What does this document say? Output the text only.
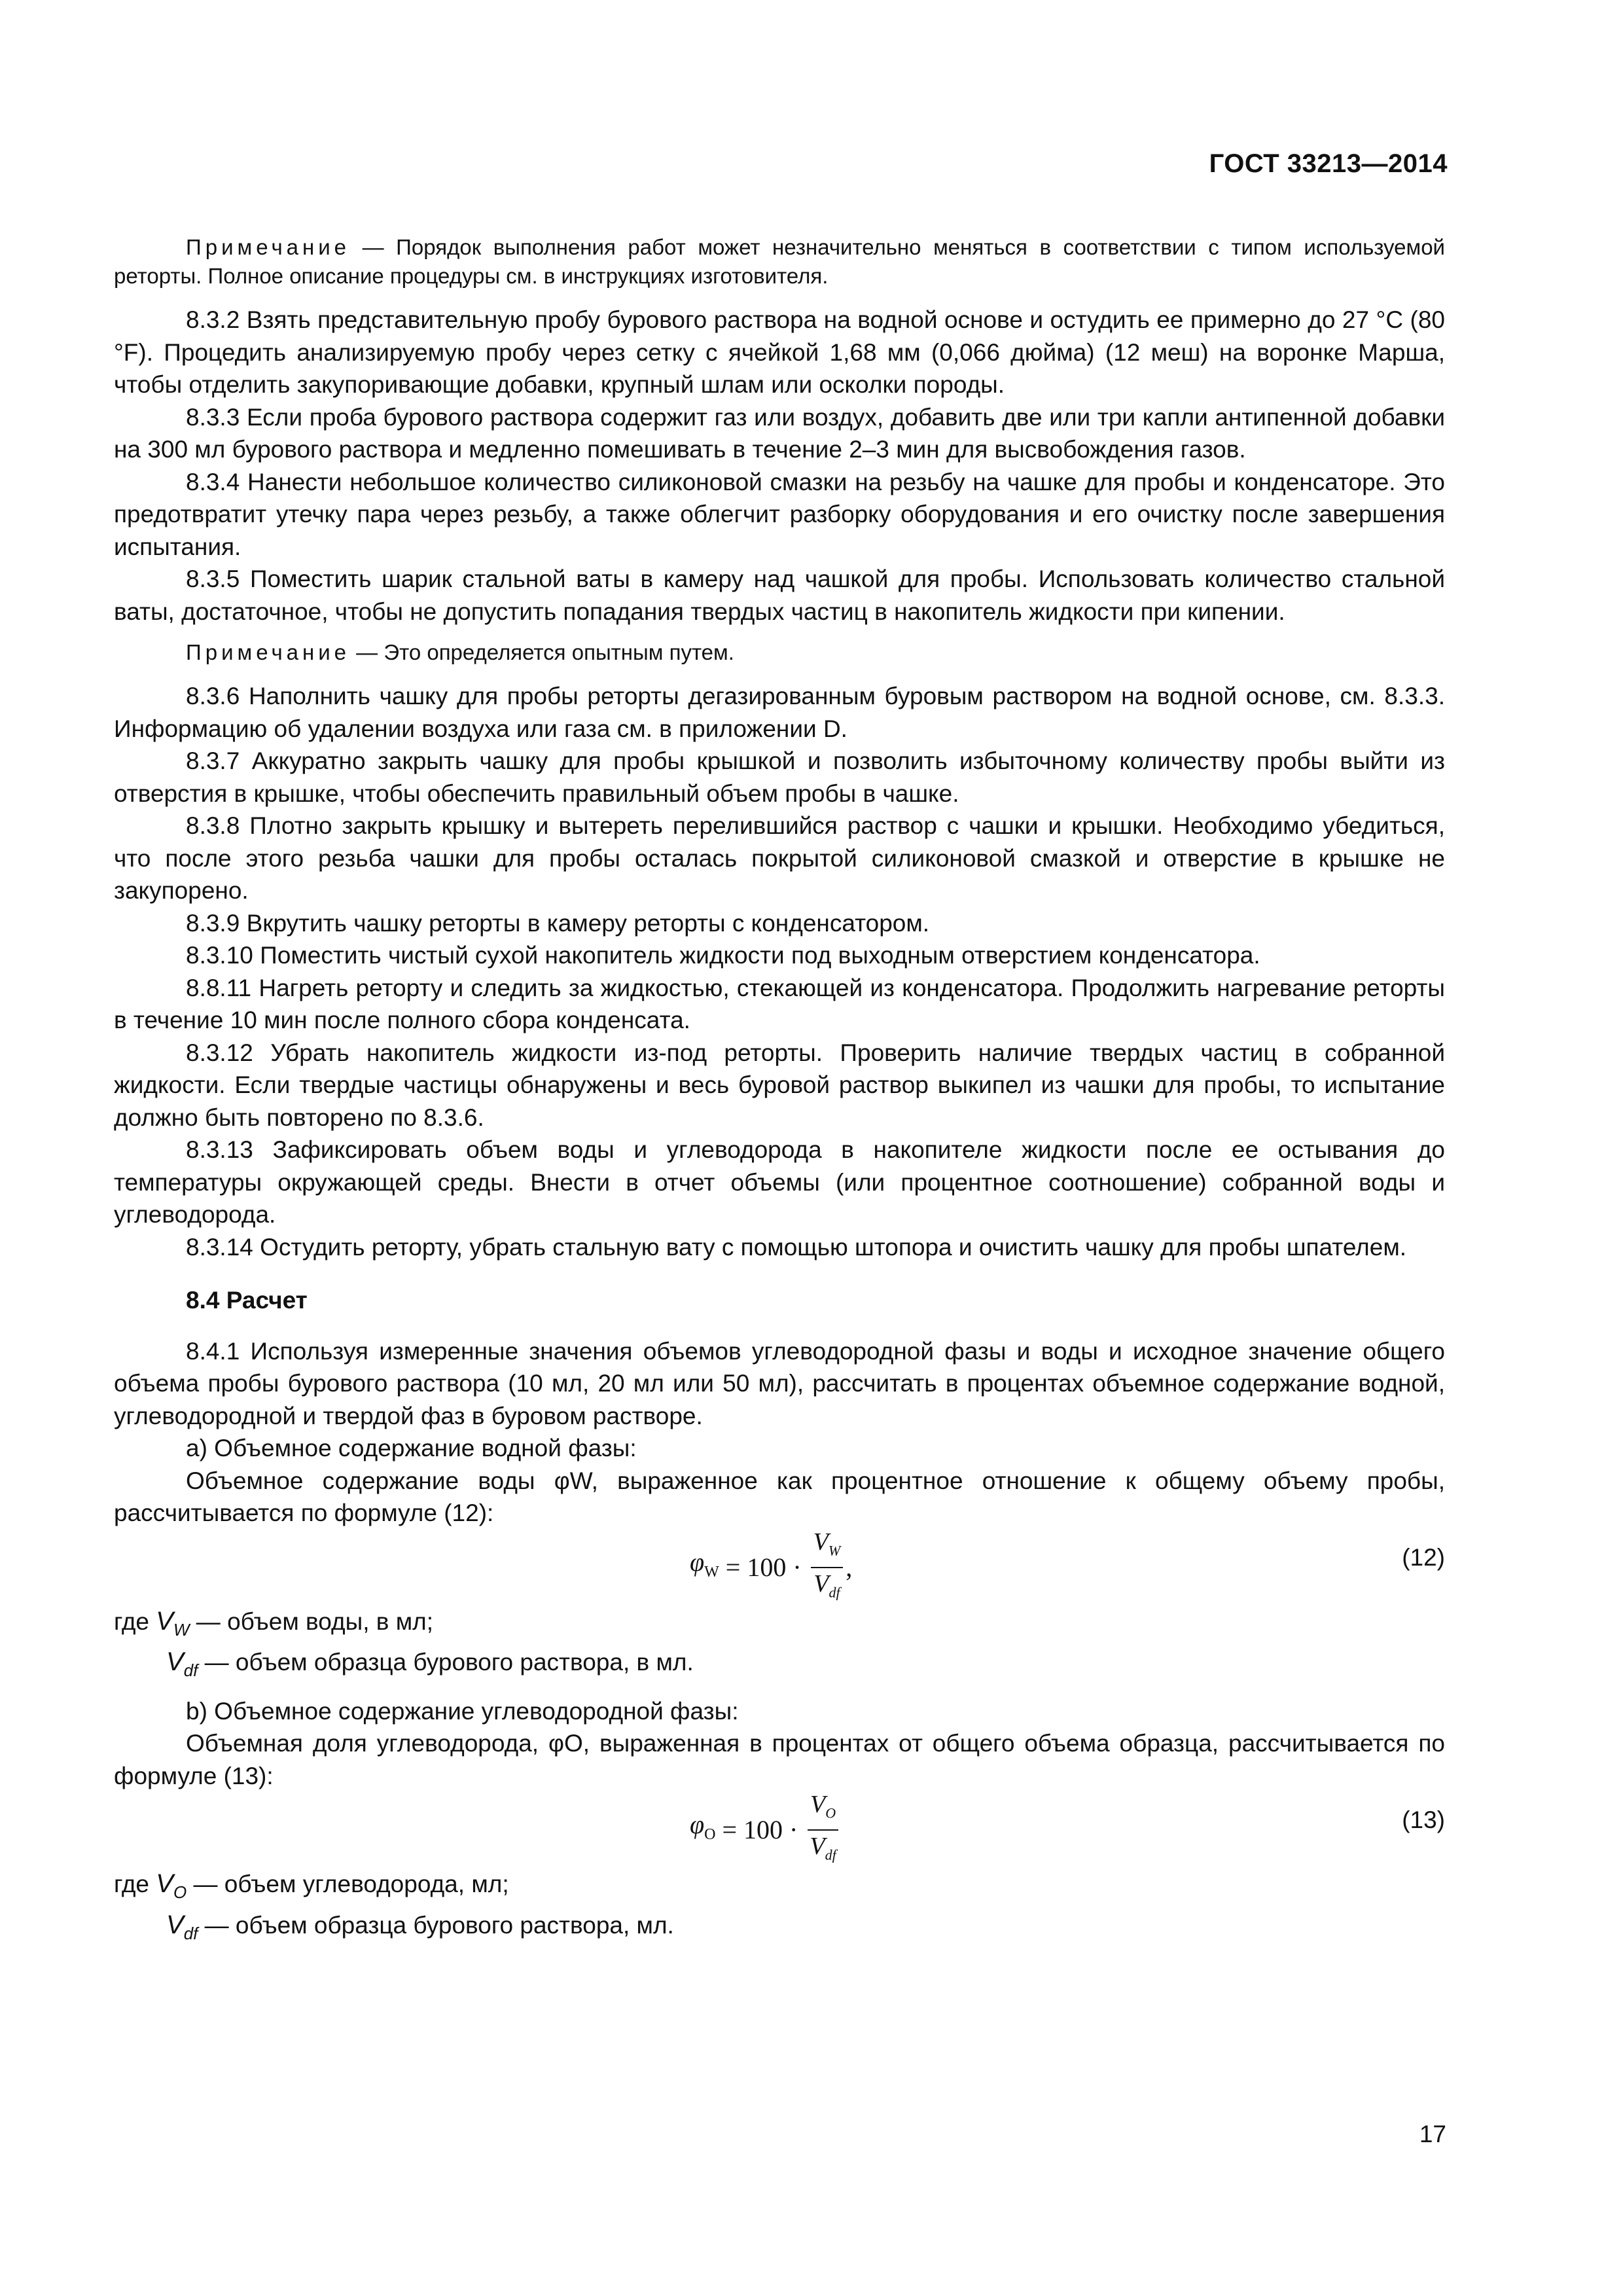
ГОСТ 33213—2014

Примечание — Порядок выполнения работ может незначительно меняться в соответствии с типом используемой реторты. Полное описание процедуры см. в инструкциях изготовителя.

8.3.2 Взять представительную пробу бурового раствора на водной основе и остудить ее примерно до 27 °C (80 °F). Процедить анализируемую пробу через сетку с ячейкой 1,68 мм (0,066 дюйма) (12 меш) на воронке Марша, чтобы отделить закупоривающие добавки, крупный шлам или осколки породы.

8.3.3 Если проба бурового раствора содержит газ или воздух, добавить две или три капли антипенной добавки на 300 мл бурового раствора и медленно помешивать в течение 2–3 мин для высвобождения газов.

8.3.4 Нанести небольшое количество силиконовой смазки на резьбу на чашке для пробы и конденсаторе. Это предотвратит утечку пара через резьбу, а также облегчит разборку оборудования и его очистку после завершения испытания.

8.3.5 Поместить шарик стальной ваты в камеру над чашкой для пробы. Использовать количество стальной ваты, достаточное, чтобы не допустить попадания твердых частиц в накопитель жидкости при кипении.

Примечание — Это определяется опытным путем.

8.3.6 Наполнить чашку для пробы реторты дегазированным буровым раствором на водной основе, см. 8.3.3. Информацию об удалении воздуха или газа см. в приложении D.

8.3.7 Аккуратно закрыть чашку для пробы крышкой и позволить избыточному количеству пробы выйти из отверстия в крышке, чтобы обеспечить правильный объем пробы в чашке.

8.3.8 Плотно закрыть крышку и вытереть перелившийся раствор с чашки и крышки. Необходимо убедиться, что после этого резьба чашки для пробы осталась покрытой силиконовой смазкой и отверстие в крышке не закупорено.

8.3.9 Вкрутить чашку реторты в камеру реторты с конденсатором.

8.3.10 Поместить чистый сухой накопитель жидкости под выходным отверстием конденсатора.

8.8.11 Нагреть реторту и следить за жидкостью, стекающей из конденсатора. Продолжить нагревание реторты в течение 10 мин после полного сбора конденсата.

8.3.12 Убрать накопитель жидкости из-под реторты. Проверить наличие твердых частиц в собранной жидкости. Если твердые частицы обнаружены и весь буровой раствор выкипел из чашки для пробы, то испытание должно быть повторено по 8.3.6.

8.3.13 Зафиксировать объем воды и углеводорода в накопителе жидкости после ее остывания до температуры окружающей среды. Внести в отчет объемы (или процентное соотношение) собранной воды и углеводорода.

8.3.14 Остудить реторту, убрать стальную вату с помощью штопора и очистить чашку для пробы шпателем.

8.4 Расчет

8.4.1 Используя измеренные значения объемов углеводородной фазы и воды и исходное значение общего объема пробы бурового раствора (10 мл, 20 мл или 50 мл), рассчитать в процентах объемное содержание водной, углеводородной и твердой фаз в буровом растворе.

а) Объемное содержание водной фазы:

Объемное содержание воды φW, выраженное как процентное отношение к общему объему пробы, рассчитывается по формуле (12):

$\varphi_W = 100 \cdot \frac{V_W}{V_{df}}$ ,	(12)

где $V_W$ — объем воды, в мл;

$V_{df}$ — объем образца бурового раствора, в мл.

b) Объемное содержание углеводородной фазы:

Объемная доля углеводорода, φO, выраженная в процентах от общего объема образца, рассчитывается по формуле (13):

$\varphi_O = 100 \cdot \frac{V_O}{V_{df}}$	(13)

где $V_O$ — объем углеводорода, мл;

$V_{df}$ — объем образца бурового раствора, мл.

17
